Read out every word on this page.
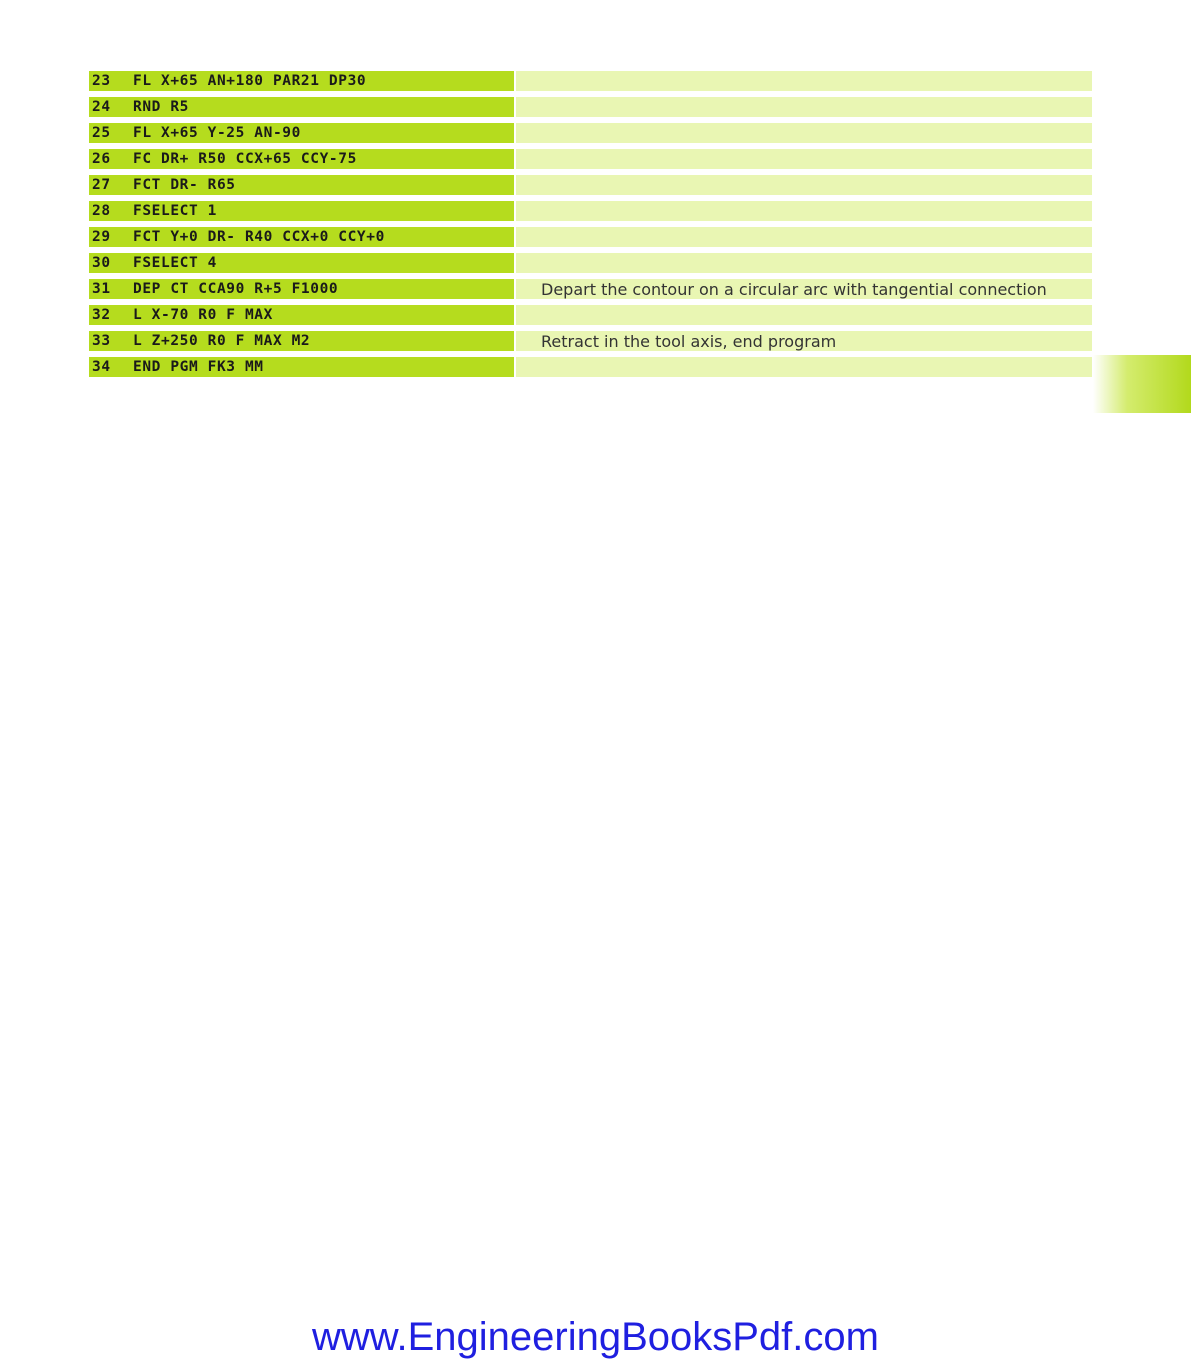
23	FL X+65 AN+180 PAR21 DP30
24	RND R5
25	FL X+65 Y-25 AN-90
26	FC DR+ R50 CCX+65 CCY-75
27	FCT DR- R65
28	FSELECT 1
29	FCT Y+0 DR- R40 CCX+0 CCY+0
30	FSELECT 4
31	DEP CT CCA90 R+5 F1000	Depart the contour on a circular arc with tangential connection
32	L X-70 R0 F MAX
33	L Z+250 R0 F MAX M2	Retract in the tool axis, end program
34	END PGM FK3 MM
www.EngineeringBooksPdf.com
